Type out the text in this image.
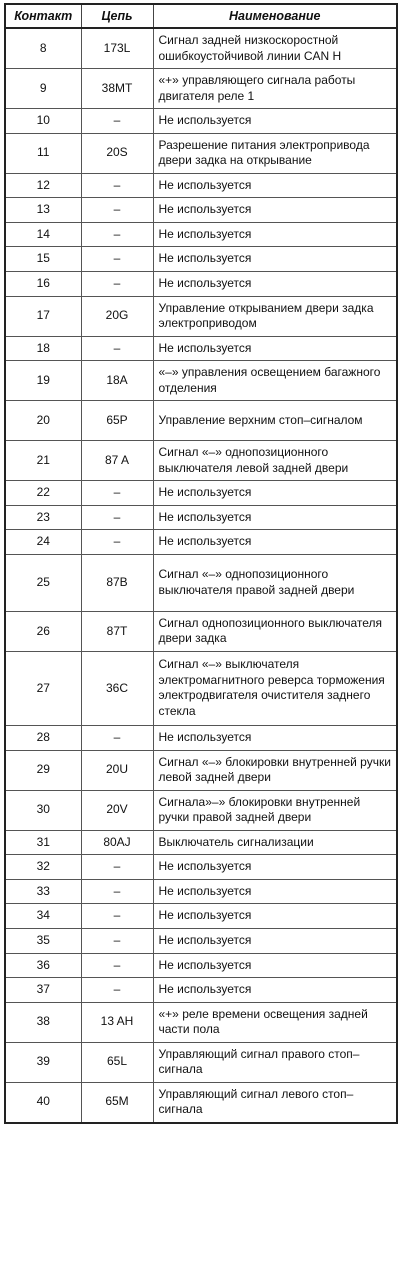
Контакт	Цепь	Наименование
8	173L	Сигнал задней низкоскоростной ошибкоустойчивой линии CAN H
9	38MT	«+» управляющего сигнала работы двигателя реле 1
10	–	Не используется
11	20S	Разрешение питания электропривода двери задка на открывание
12	–	Не используется
13	–	Не используется
14	–	Не используется
15	–	Не используется
16	–	Не используется
17	20G	Управление открыванием двери задка электроприводом
18	–	Не используется
19	18A	«–» управления освещением багажного отделения
20	65P	Управление верхним стоп–сигналом
21	87 A	Сигнал «–» однопозиционного выключателя левой задней двери
22	–	Не используется
23	–	Не используется
24	–	Не используется
25	87B	Сигнал «–» однопозиционного выключателя правой задней двери
26	87T	Сигнал однопозиционного выключателя двери задка
27	36C	Сигнал «–» выключателя электромагнитного реверса торможения электродвигателя очистителя заднего стекла
28	–	Не используется
29	20U	Сигнал «–» блокировки внутренней ручки левой задней двери
30	20V	Сигнала»–» блокировки внутренней ручки правой задней двери
31	80AJ	Выключатель сигнализации
32	–	Не используется
33	–	Не используется
34	–	Не используется
35	–	Не используется
36	–	Не используется
37	–	Не используется
38	13 AH	«+» реле времени освещения задней части пола
39	65L	Управляющий сигнал правого стоп–сигнала
40	65M	Управляющий сигнал левого стоп–сигнала
